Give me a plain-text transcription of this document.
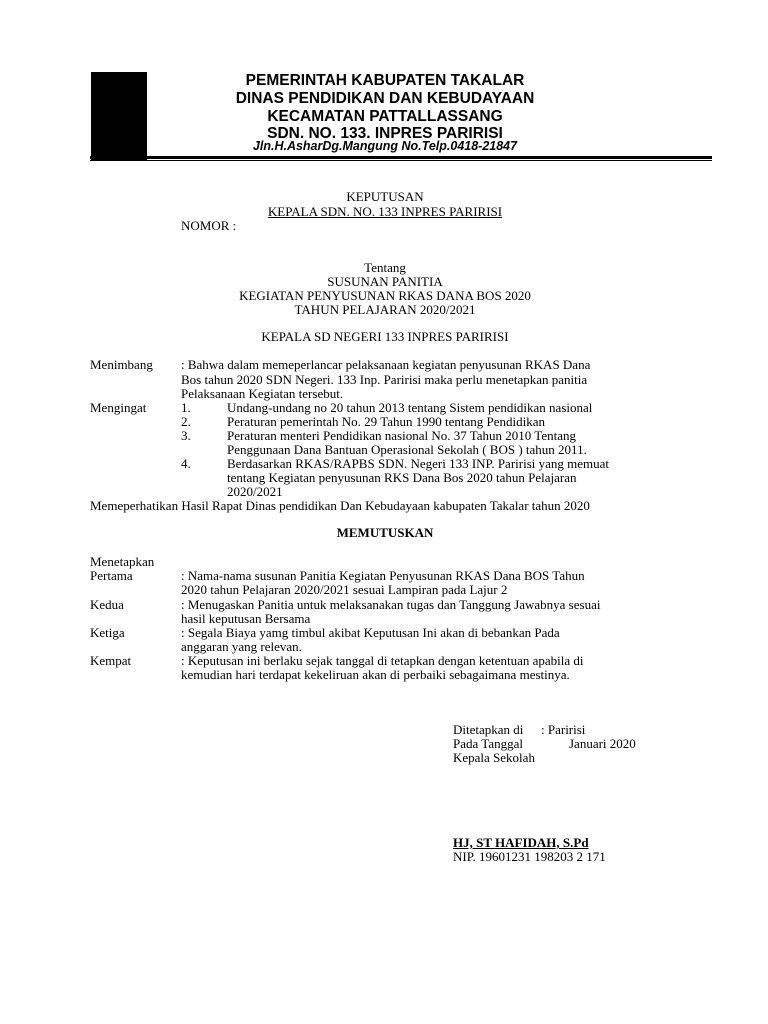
PEMERINTAH KABUPATEN TAKALAR
DINAS PENDIDIKAN DAN KEBUDAYAAN
KECAMATAN PATTALLASSANG
SDN. NO. 133. INPRES PARIRISI
Jln.H.AsharDg.Mangung No.Telp.0418-21847
KEPUTUSAN
KEPALA SDN. NO. 133 INPRES PARIRISI
NOMOR :
Tentang
SUSUNAN PANITIA
KEGIATAN PENYUSUNAN RKAS DANA BOS 2020
TAHUN PELAJARAN 2020/2021
KEPALA SD NEGERI 133 INPRES PARIRISI
Menimbang : Bahwa dalam memeperlancar pelaksanaan kegiatan penyusunan RKAS Dana
Bos tahun 2020 SDN Negeri. 133 Inp. Paririsi maka perlu menetapkan panitia
Pelaksanaan Kegiatan tersebut.
Mengingat	1.	Undang-undang no 20 tahun 2013 tentang Sistem pendidikan nasional
2.	Peraturan pemerintah No. 29 Tahun 1990 tentang Pendidikan
3.	Peraturan menteri Pendidikan nasional No. 37 Tahun 2010 Tentang
Penggunaan Dana Bantuan Operasional Sekolah ( BOS ) tahun 2011.
4.	Berdasarkan RKAS/RAPBS SDN. Negeri 133 INP. Paririsi yang memuat
tentang Kegiatan penyusunan RKS Dana Bos 2020 tahun Pelajaran
2020/2021
Memeperhatikan Hasil Rapat Dinas pendidikan Dan Kebudayaan kabupaten Takalar tahun 2020
MEMUTUSKAN
Menetapkan
Pertama	: Nama-nama susunan Panitia Kegiatan Penyusunan RKAS Dana BOS Tahun
2020 tahun Pelajaran 2020/2021 sesuai Lampiran pada Lajur 2
Kedua	: Menugaskan Panitia untuk melaksanakan tugas dan Tanggung Jawabnya sesuai
hasil keputusan Bersama
Ketiga	: Segala Biaya yamg timbul akibat Keputusan Ini akan di bebankan Pada
anggaran yang relevan.
Kempat	: Keputusan ini berlaku sejak tanggal di tetapkan dengan ketentuan apabila di
kemudian hari terdapat kekeliruan akan di perbaiki sebagaimana mestinya.
Ditetapkan di : Paririsi
Pada Tanggal	Januari 2020
Kepala Sekolah
HJ, ST HAFIDAH, S.Pd
NIP. 19601231 198203 2 171
